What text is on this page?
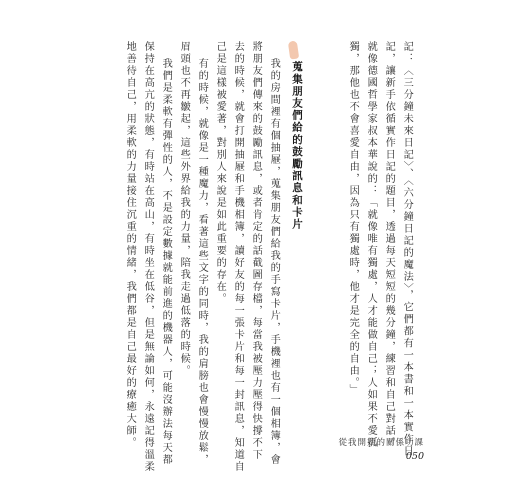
記：〈三分鐘未來日記〉、〈六分鐘日記的魔法〉，它們都有一本書和一本實作日
記，讓新手依循實作日記的題目，透過每天短短的幾分鐘，練習和自己對話。
就像德國哲學家叔本華說的：「就像唯有獨處，人才能做自己；人如果不愛孤
獨，那他也不會喜愛自由，因為只有獨處時，他才是完全的自由。」
蒐集朋友們給的鼓勵訊息和卡片
我的房間裡有個抽屜，蒐集朋友們給我的手寫卡片，手機裡也有一個相簿，會
將朋友們傳來的鼓勵訊息，或者肯定的話截圖存檔，每當我被壓力壓得快撐不下
去的時候，就會打開抽屜和手機相簿，讀好友的每一張卡片和每一封訊息，知道自
己是這樣被愛著，對別人來說是如此重要的存在。
有的時候，就像是一種魔力，看著這些文字的同時，我的肩膀也會慢慢放鬆，
眉頭也不再皺起，這些外界給我的力量，陪我走過低落的時候。
我們是柔軟有彈性的人，不是設定數據就能前進的機器人，可能沒辦法每天都
保持在高亢的狀態，有時站在高山，有時坐在低谷，但是無論如何，永遠記得溫柔
地善待自己，用柔軟的力量接住沉重的情緒，我們都是自己最好的療癒大師。	從我開始的關係功課
050
